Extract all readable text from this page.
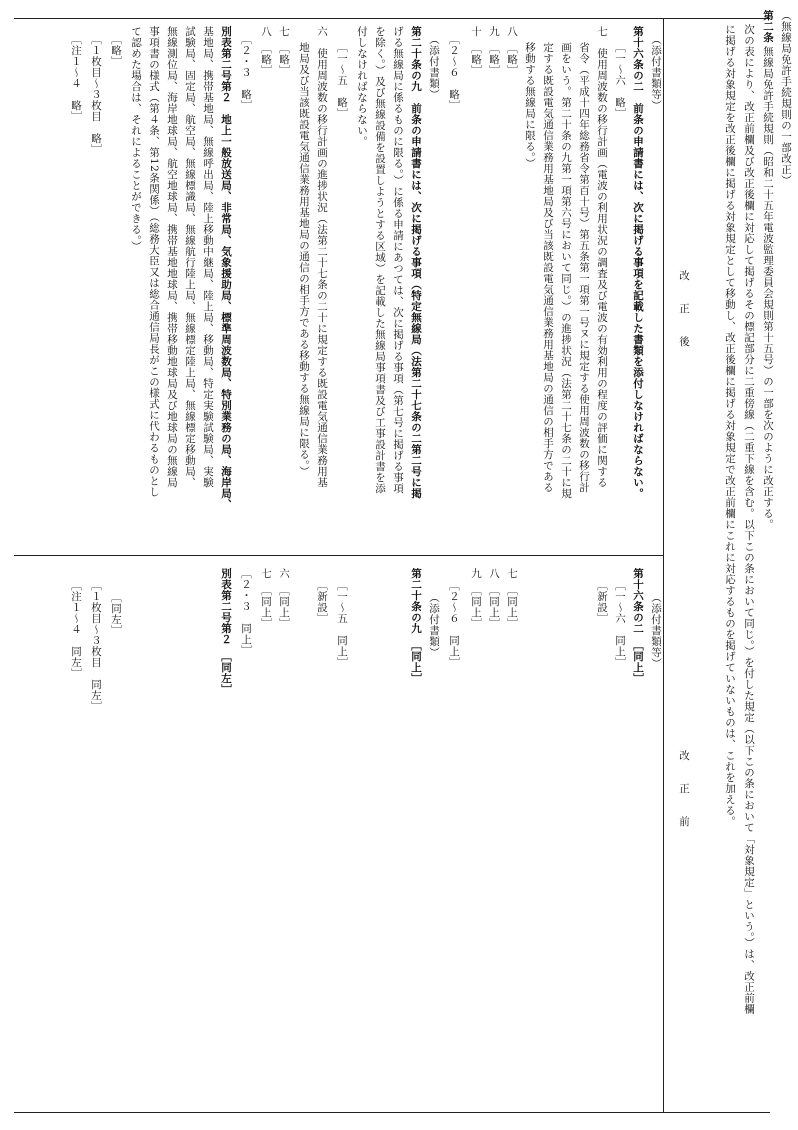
（無線局免許手続規則の一部改正）
第二条
無線局免許手続規則（昭和二十五年電波監理委員会規則第十五号）の一部を次のように改正する。
次の表により、改正前欄及び改正後欄に対応して掲げるその標記部分に二重傍線（二重下線を含む。以下この条において同じ。）を付した規定（以下この条において「対象規定」という。）は、改正前欄
に掲げる対象規定を改正後欄に掲げる対象規定として移動し、改正後欄に掲げる対象規定で改正前欄にこれに対応するものを掲げていないものは、これを加える。
改　正　後
改　正　前
（添付書類等）
第十六条の二　前条の申請書には、次に掲げる事項を記載した書類を添付しなければならない。
［一～六　略］
七　使用周波数の移行計画（電波の利用状況の調査及び電波の有効利用の程度の評価に関する
省令（平成十四年総務省令第百十号）第五条第一項第一号ヌに規定する使用周波数の移行計
画をいう。第二十条の九第一項第六号において同じ。）の進捗状況（法第二十七条の二十に規
定する既設電気通信業務用基地局及び当該既設電気通信業務用基地局の通信の相手方である
移動する無線局に限る。）
八　［略］
九　［略］
十　［略］
［２～６　略］
（添付書類）
第二十条の九　前条の申請書には、次に掲げる事項（特定無線局（法第二十七条の二第二号に掲
げる無線局に係るものに限る。）に係る申請にあつては、次に掲げる事項（第七号に掲げる事項
を除く。）及び無線設備を設置しようとする区域）を記載した無線局事項書及び工事設計書を添
付しなければならない。
［一～五　略］
六　使用周波数の移行計画の進捗状況（法第二十七条の二十に規定する既設電気通信業務用基
地局及び当該既設電気通信業務用基地局の通信の相手方である移動する無線局に限る。）
七　［略］
八　［略］
［２・３　略］
別表第二号第２　地上一般放送局、非常局、気象援助局、標準周波数局、特別業務の局、海岸局、
基地局、携帯基地局、無線呼出局、陸上移動中継局、陸上局、移動局、特定実験試験局、実験
試験局、固定局、航空局、無線標識局、無線航行陸上局、無線標定陸上局、無線標定移動局、
無線測位局、海岸地球局、航空地球局、携帯基地地球局、携帯移動地球局及び地球局の無線局
事項書の様式（第４条、第12条関係）（総務大臣又は総合通信局長がこの様式に代わるものとし
て認めた場合は、それによることができる。）
［略］
［１枚目～３枚目　略］
［注１～４　略］
（添付書類等）
第十六条の二　［同上］
［一～六　同上］
［新設］
七　［同上］
八　［同上］
九　［同上］
［２～６　同上］
（添付書類）
第二十条の九　［同上］
［一～五　同上］
［新設］
六　［同上］
七　［同上］
［２・３　同上］
別表第二号第２　［同左］
［同左］
［１枚目～３枚目　同左］
［注１～４　同左］
